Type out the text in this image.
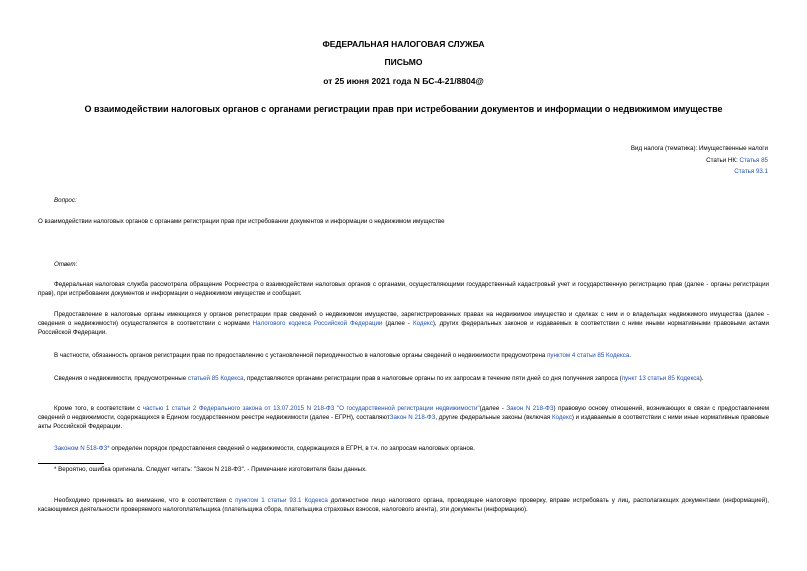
ФЕДЕРАЛЬНАЯ НАЛОГОВАЯ СЛУЖБА
ПИСЬМО
от 25 июня 2021 года N БС-4-21/8804@
О взаимодействии налоговых органов с органами регистрации прав при истребовании документов и информации о недвижимом имуществе
Вид налога (тематика): Имущественные налоги
Статьи НК: Статья 85
Статья 93.1
Вопрос:
О взаимодействии налоговых органов с органами регистрации прав при истребовании документов и информации о недвижимом имуществе
Ответ:
Федеральная налоговая служба рассмотрела обращение Росреестра о взаимодействии налоговых органов с органами, осуществляющими государственный кадастровый учет и государственную регистрацию прав (далее - органы регистрации прав), при истребовании документов и информации о недвижимом имуществе и сообщает.
Предоставление в налоговые органы имеющихся у органов регистрации прав сведений о недвижимом имуществе, зарегистрированных правах на недвижимое имущество и сделках с ним и о владельцах недвижимого имущества (далее - сведения о недвижимости) осуществляется в соответствии с нормами Налогового кодекса Российской Федерации (далее - Кодекс), других федеральных законов и издаваемых в соответствии с ними иными нормативными правовыми актами Российской Федерации.
В частности, обязанность органов регистрации прав по предоставлению с установленной периодичностью в налоговые органы сведений о недвижимости предусмотрена пунктом 4 статьи 85 Кодекса.
Сведения о недвижимости, предусмотренные статьей 85 Кодекса, представляются органами регистрации прав в налоговые органы по их запросам в течение пяти дней со дня получения запроса (пункт 13 статьи 85 Кодекса).
Кроме того, в соответствии с частью 1 статьи 2 Федерального закона от 13.07.2015 N 218-ФЗ "О государственной регистрации недвижимости"(далее - Закон N 218-ФЗ) правовую основу отношений, возникающих в связи с предоставлением сведений о недвижимости, содержащихся в Едином государственном реестре недвижимости (далее - ЕГРН), составляютЗакон N 218-ФЗ, другие федеральные законы (включая Кодекс) и издаваемые в соответствии с ними иные нормативные правовые акты Российской Федерации.
Законом N 518-ФЗ* определен порядок предоставления сведений о недвижимости, содержащихся в ЕГРН, в т.ч. по запросам налоговых органов.
* Вероятно, ошибка оригинала. Следует читать: "Закон N 218-ФЗ". - Примечание изготовителя базы данных.
Необходимо принимать во внимание, что в соответствии с пунктом 1 статьи 93.1 Кодекса должностное лицо налогового органа, проводящее налоговую проверку, вправе истребовать у лиц, располагающих документами (информацией), касающимися деятельности проверяемого налогоплательщика (плательщика сбора, плательщика страховых взносов, налогового агента), эти документы (информацию).
